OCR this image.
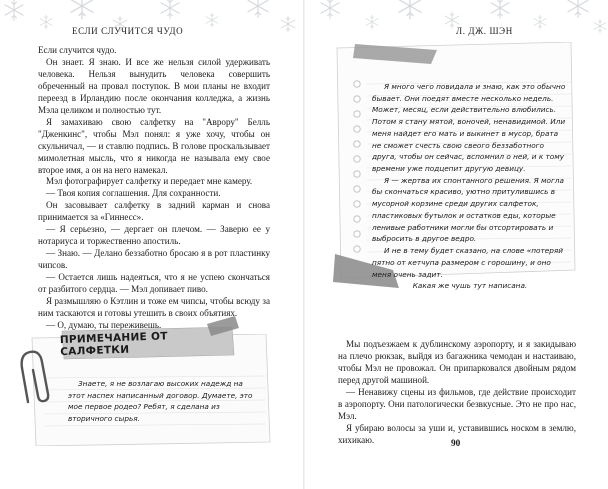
ЕСЛИ СЛУЧИТСЯ ЧУДО

Если случится чудо.

Он знает. Я знаю. И все же нельзя силой удерживать человека. Нельзя вынудить человека совершить обреченный на провал поступок. В мои планы не входит переезд в Ирландию после окончания колледжа, а жизнь Мэла целиком и полностью тут.

Я замахиваю свою салфетку на "Аврору" Белль "Дженкинс", чтобы Мэл понял: я уже хочу, чтобы он скульничал, — и ставлю подпись. В голове проскальзывает мимолетная мысль, что я никогда не называла ему свое второе имя, а он на него намекал.

Мэл фотографирует салфетку и передает мне камеру.

— Твоя копия соглашения. Для сохранности.

Он засовывает салфетку в задний карман и снова принимается за «Гиннесс».

— Я серьезно, — дергает он плечом. — Заверю ее у нотариуса и торжественно апостиль.

— Знаю. — Делано беззаботно бросаю я в рот пластинку чипсов.

— Остается лишь надеяться, что я не успею скончаться от разбитого сердца. — Мэл допивает пиво.

Я размышляю о Кэтлин и тоже ем чипсы, чтобы всюду за ним таскаются и готовы утешить в своих объятиях.

— О, думаю, ты переживешь.

ПРИМЕЧАНИЕ ОТ САЛФЕТКИ

Знаете, я не возлагаю высоких надежд на этот наспех написанный договор. Думаете, это мое первое родео? Ребят, я сделана из вторичного сырья.

Л. ДЖ. ШЭН

Я много чего повидала и знаю, как это обычно бывает. Они поедят вместе несколько недель. Может, месяц, если действительно влюбились. Потом я стану мятой, воночей, ненавидимой. Или меня найдет его мать и выкинет в мусор, брата не сможет счесть свою свеого беззаботного друга, чтобы он сейчас, вспомнил о ней, и к тому времени уже подцепит другую девицу.

Я — жертва их спонтанного решения. Я могла бы скончаться красиво, уютно притулившись в мусорной корзине среди других салфеток, пластиковых бутылок и остатков еды, которые ленивые работники могли бы отсортировать и выбросить в другое ведро.

И не в тему будет сказано, на слове «потеряй пятно от кетчупа размером с горошину, и оно меня очень задит.

Какая же чушь тут написана.

Мы подъезжаем к дублинскому аэропорту, и я закидываю на плечо рюкзак, выйдя из багажника чемодан и настаиваю, чтобы Мэл не провожал. Он припарковался двойным рядом перед другой машиной.

— Ненавижу сцены из фильмов, где действие происходит в аэропорту. Они патологически безвкусные. Это не про нас, Мэл.

Я убираю волосы за уши и, уставившись носком в землю, хихикаю.	90
